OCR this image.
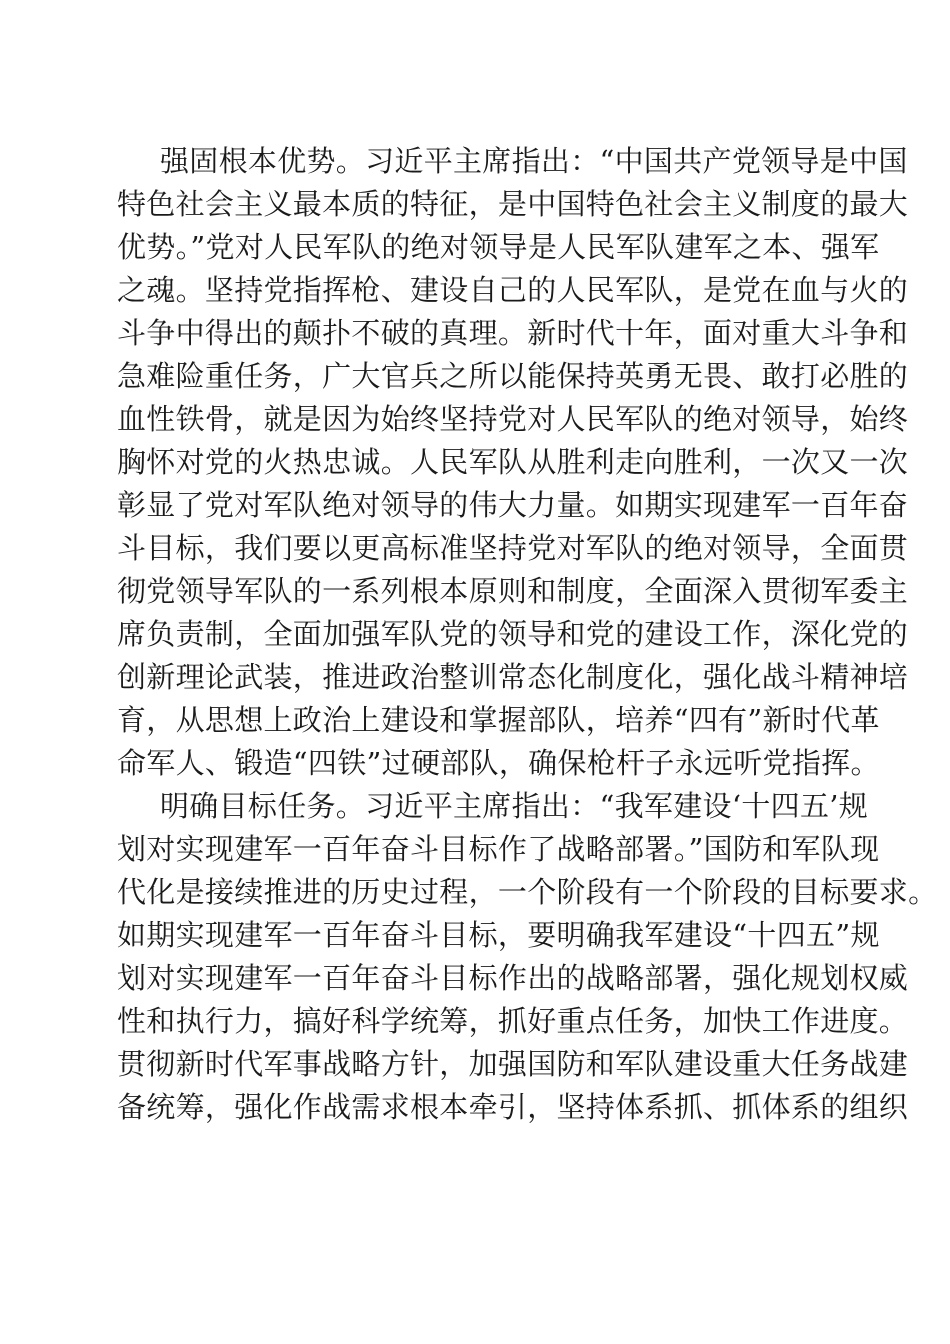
强固根本优势。习近平主席指出：“中国共产党领导是中国
特色社会主义最本质的特征，是中国特色社会主义制度的最大
优势。”党对人民军队的绝对领导是人民军队建军之本、强军
之魂。坚持党指挥枪、建设自己的人民军队，是党在血与火的
斗争中得出的颠扑不破的真理。新时代十年，面对重大斗争和
急难险重任务，广大官兵之所以能保持英勇无畏、敢打必胜的
血性铁骨，就是因为始终坚持党对人民军队的绝对领导，始终
胸怀对党的火热忠诚。人民军队从胜利走向胜利，一次又一次
彰显了党对军队绝对领导的伟大力量。如期实现建军一百年奋
斗目标，我们要以更高标准坚持党对军队的绝对领导，全面贯
彻党领导军队的一系列根本原则和制度，全面深入贯彻军委主
席负责制，全面加强军队党的领导和党的建设工作，深化党的
创新理论武装，推进政治整训常态化制度化，强化战斗精神培
育，从思想上政治上建设和掌握部队，培养“四有”新时代革
命军人、锻造“四铁”过硬部队，确保枪杆子永远听党指挥。
明确目标任务。习近平主席指出：“我军建设‘十四五’规
划对实现建军一百年奋斗目标作了战略部署。”国防和军队现
代化是接续推进的历史过程，一个阶段有一个阶段的目标要求。
如期实现建军一百年奋斗目标，要明确我军建设“十四五”规
划对实现建军一百年奋斗目标作出的战略部署，强化规划权威
性和执行力，搞好科学统筹，抓好重点任务，加快工作进度。
贯彻新时代军事战略方针，加强国防和军队建设重大任务战建
备统筹，强化作战需求根本牵引，坚持体系抓、抓体系的组织
